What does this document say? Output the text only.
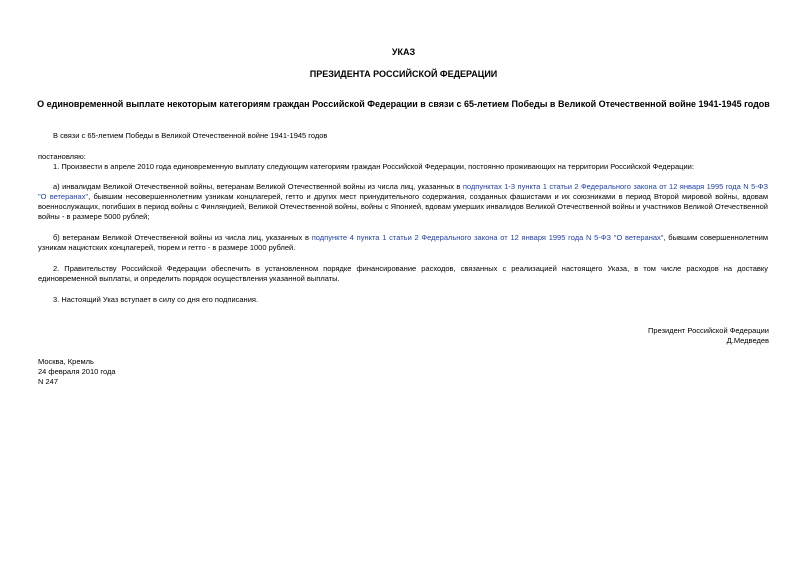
УКАЗ
ПРЕЗИДЕНТА РОССИЙСКОЙ ФЕДЕРАЦИИ
О единовременной выплате некоторым категориям граждан Российской Федерации в связи с 65-летием Победы в Великой Отечественной войне 1941-1945 годов
В связи с 65-летием Победы в Великой Отечественной войне 1941-1945 годов
постановляю:
1. Произвести в апреле 2010 года единовременную выплату следующим категориям граждан Российской Федерации, постоянно проживающих на территории Российской Федерации:
а) инвалидам Великой Отечественной войны, ветеранам Великой Отечественной войны из числа лиц, указанных в подпунктах 1-3 пункта 1 статьи 2 Федерального закона от 12 января 1995 года N 5-ФЗ "О ветеранах", бывшим несовершеннолетним узникам концлагерей, гетто и других мест принудительного содержания, созданных фашистами и их союзниками в период Второй мировой войны, вдовам военнослужащих, погибших в период войны с Финляндией, Великой Отечественной войны, войны с Японией, вдовам умерших инвалидов Великой Отечественной войны и участников Великой Отечественной войны - в размере 5000 рублей;
б) ветеранам Великой Отечественной войны из числа лиц, указанных в подпункте 4 пункта 1 статьи 2 Федерального закона от 12 января 1995 года N 5-ФЗ "О ветеранах", бывшим совершеннолетним узникам нацистских концлагерей, тюрем и гетто - в размере 1000 рублей.
2. Правительству Российской Федерации обеспечить в установленном порядке финансирование расходов, связанных с реализацией настоящего Указа, в том числе расходов на доставку единовременной выплаты, и определить порядок осуществления указанной выплаты.
3. Настоящий Указ вступает в силу со дня его подписания.
Президент Российской Федерации
Д.Медведев
Москва, Кремль
24 февраля 2010 года
N 247
